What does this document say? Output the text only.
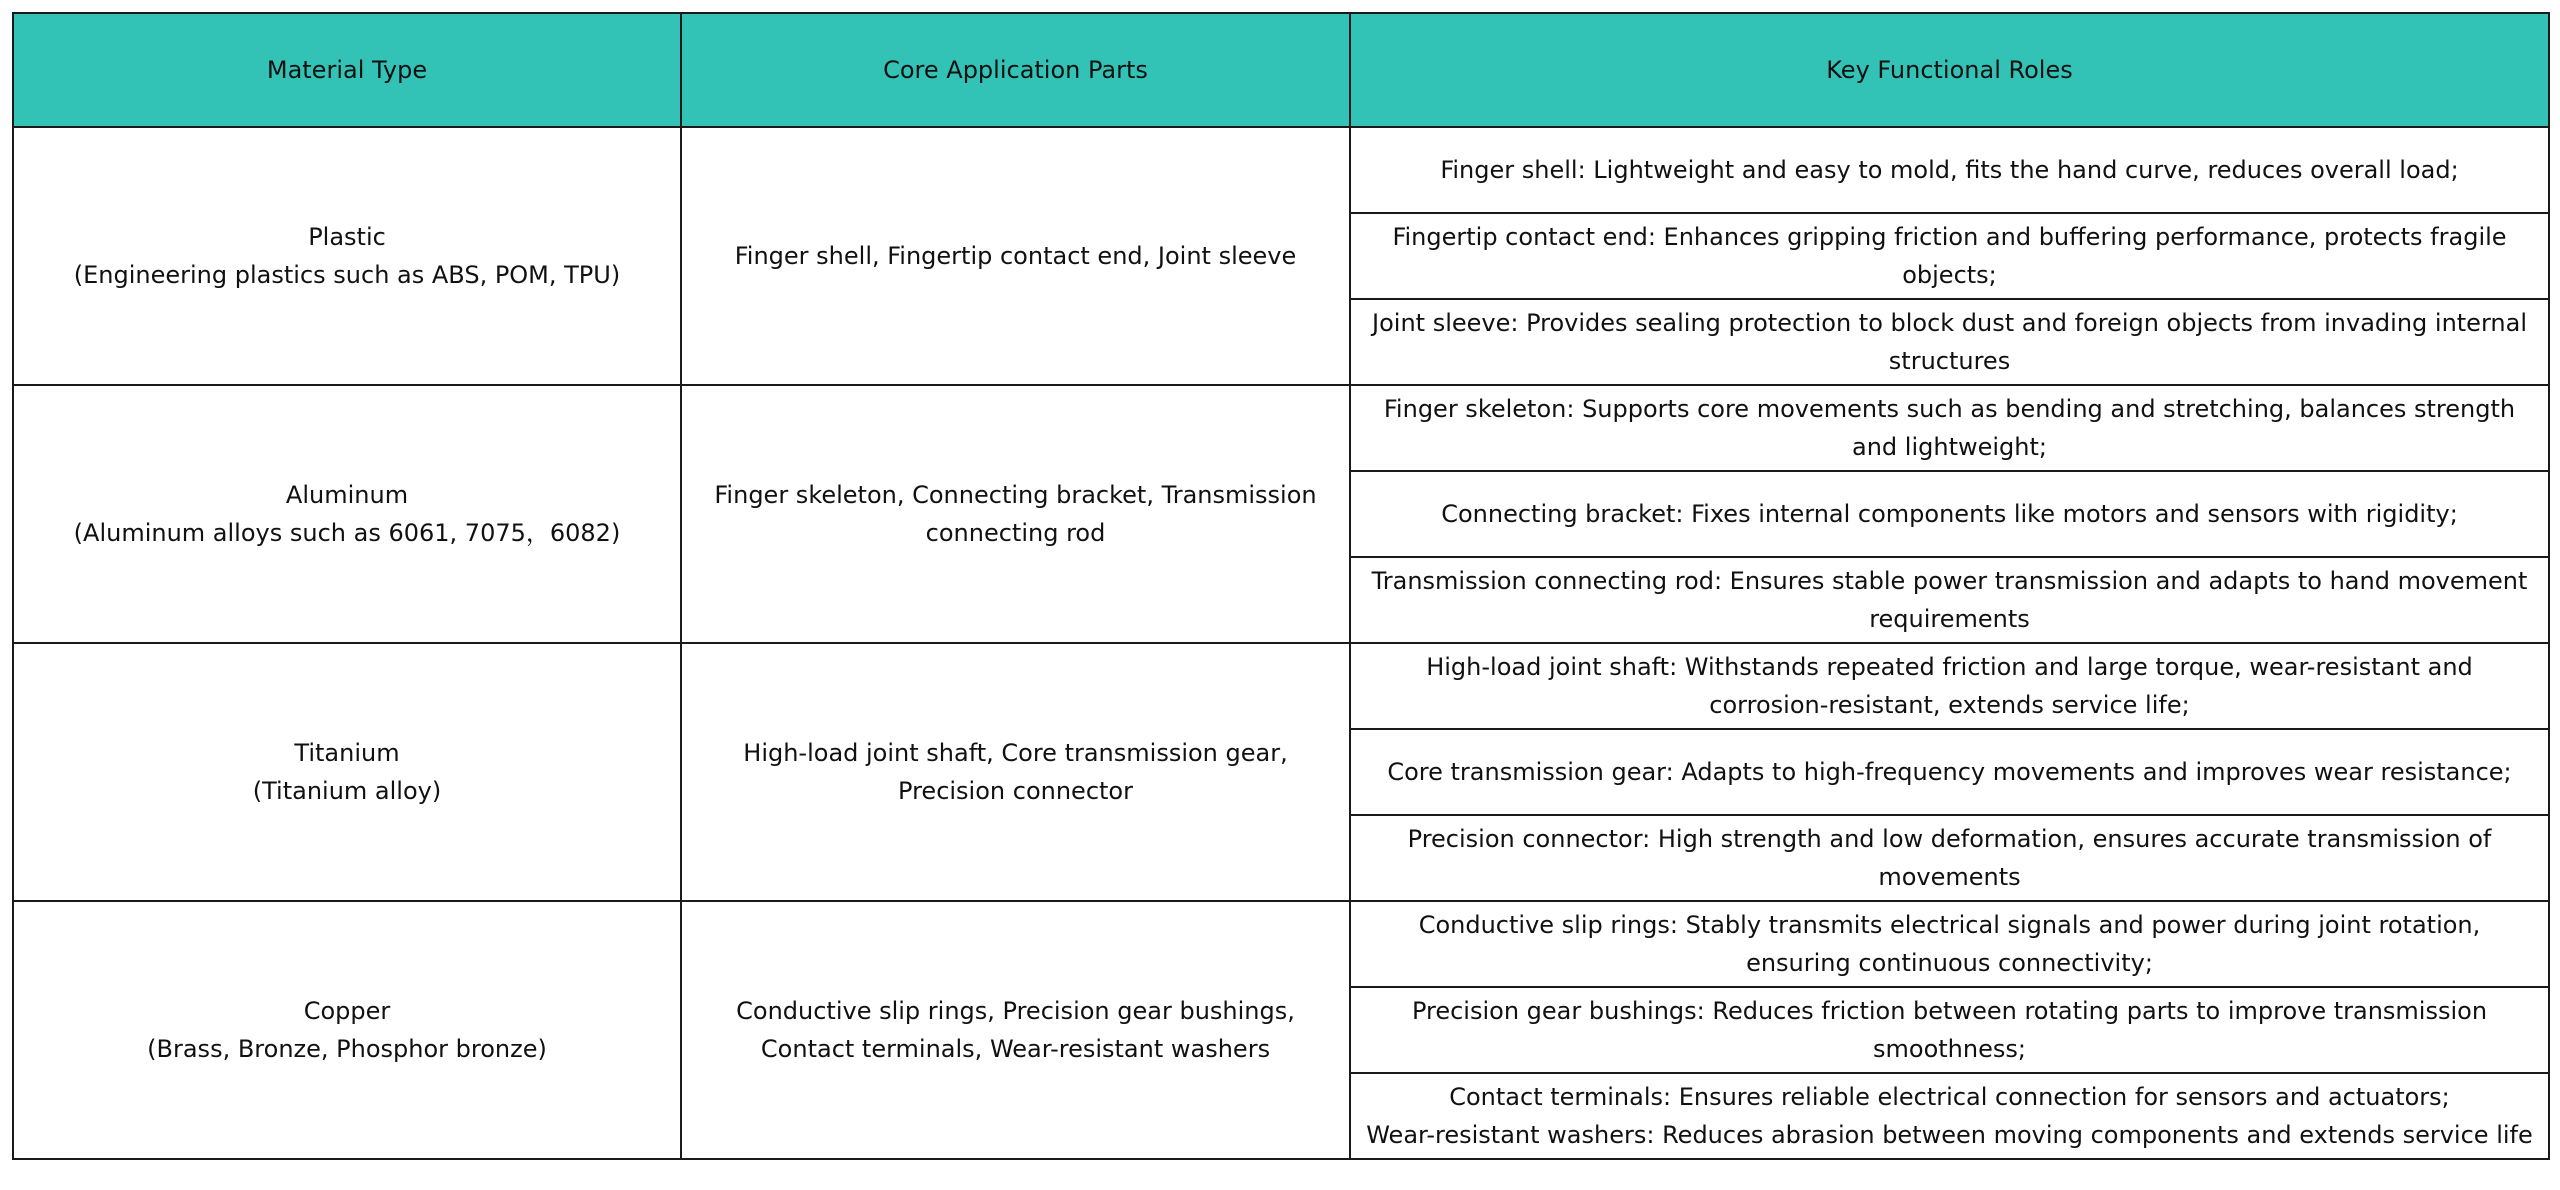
Material Type	Core Application Parts	Key Functional Roles

Plastic
(Engineering plastics such as ABS, POM, TPU)	Finger shell, Fingertip contact end, Joint sleeve	Finger shell: Lightweight and easy to mold, fits the hand curve, reduces overall load;
		Fingertip contact end: Enhances gripping friction and buffering performance, protects fragile objects;
		Joint sleeve: Provides sealing protection to block dust and foreign objects from invading internal structures

Aluminum
(Aluminum alloys such as 6061, 7075，6082)	Finger skeleton, Connecting bracket, Transmission connecting rod	Finger skeleton: Supports core movements such as bending and stretching, balances strength and lightweight;
		Connecting bracket: Fixes internal components like motors and sensors with rigidity;
		Transmission connecting rod: Ensures stable power transmission and adapts to hand movement requirements

Titanium
(Titanium alloy)	High-load joint shaft, Core transmission gear, Precision connector	High-load joint shaft: Withstands repeated friction and large torque, wear-resistant and corrosion-resistant, extends service life;
		Core transmission gear: Adapts to high-frequency movements and improves wear resistance;
		Precision connector: High strength and low deformation, ensures accurate transmission of movements

Copper
(Brass, Bronze, Phosphor bronze)	Conductive slip rings, Precision gear bushings, Contact terminals, Wear-resistant washers	Conductive slip rings: Stably transmits electrical signals and power during joint rotation, ensuring continuous connectivity;
		Precision gear bushings: Reduces friction between rotating parts to improve transmission smoothness;
		Contact terminals: Ensures reliable electrical connection for sensors and actuators;
Wear-resistant washers: Reduces abrasion between moving components and extends service life
